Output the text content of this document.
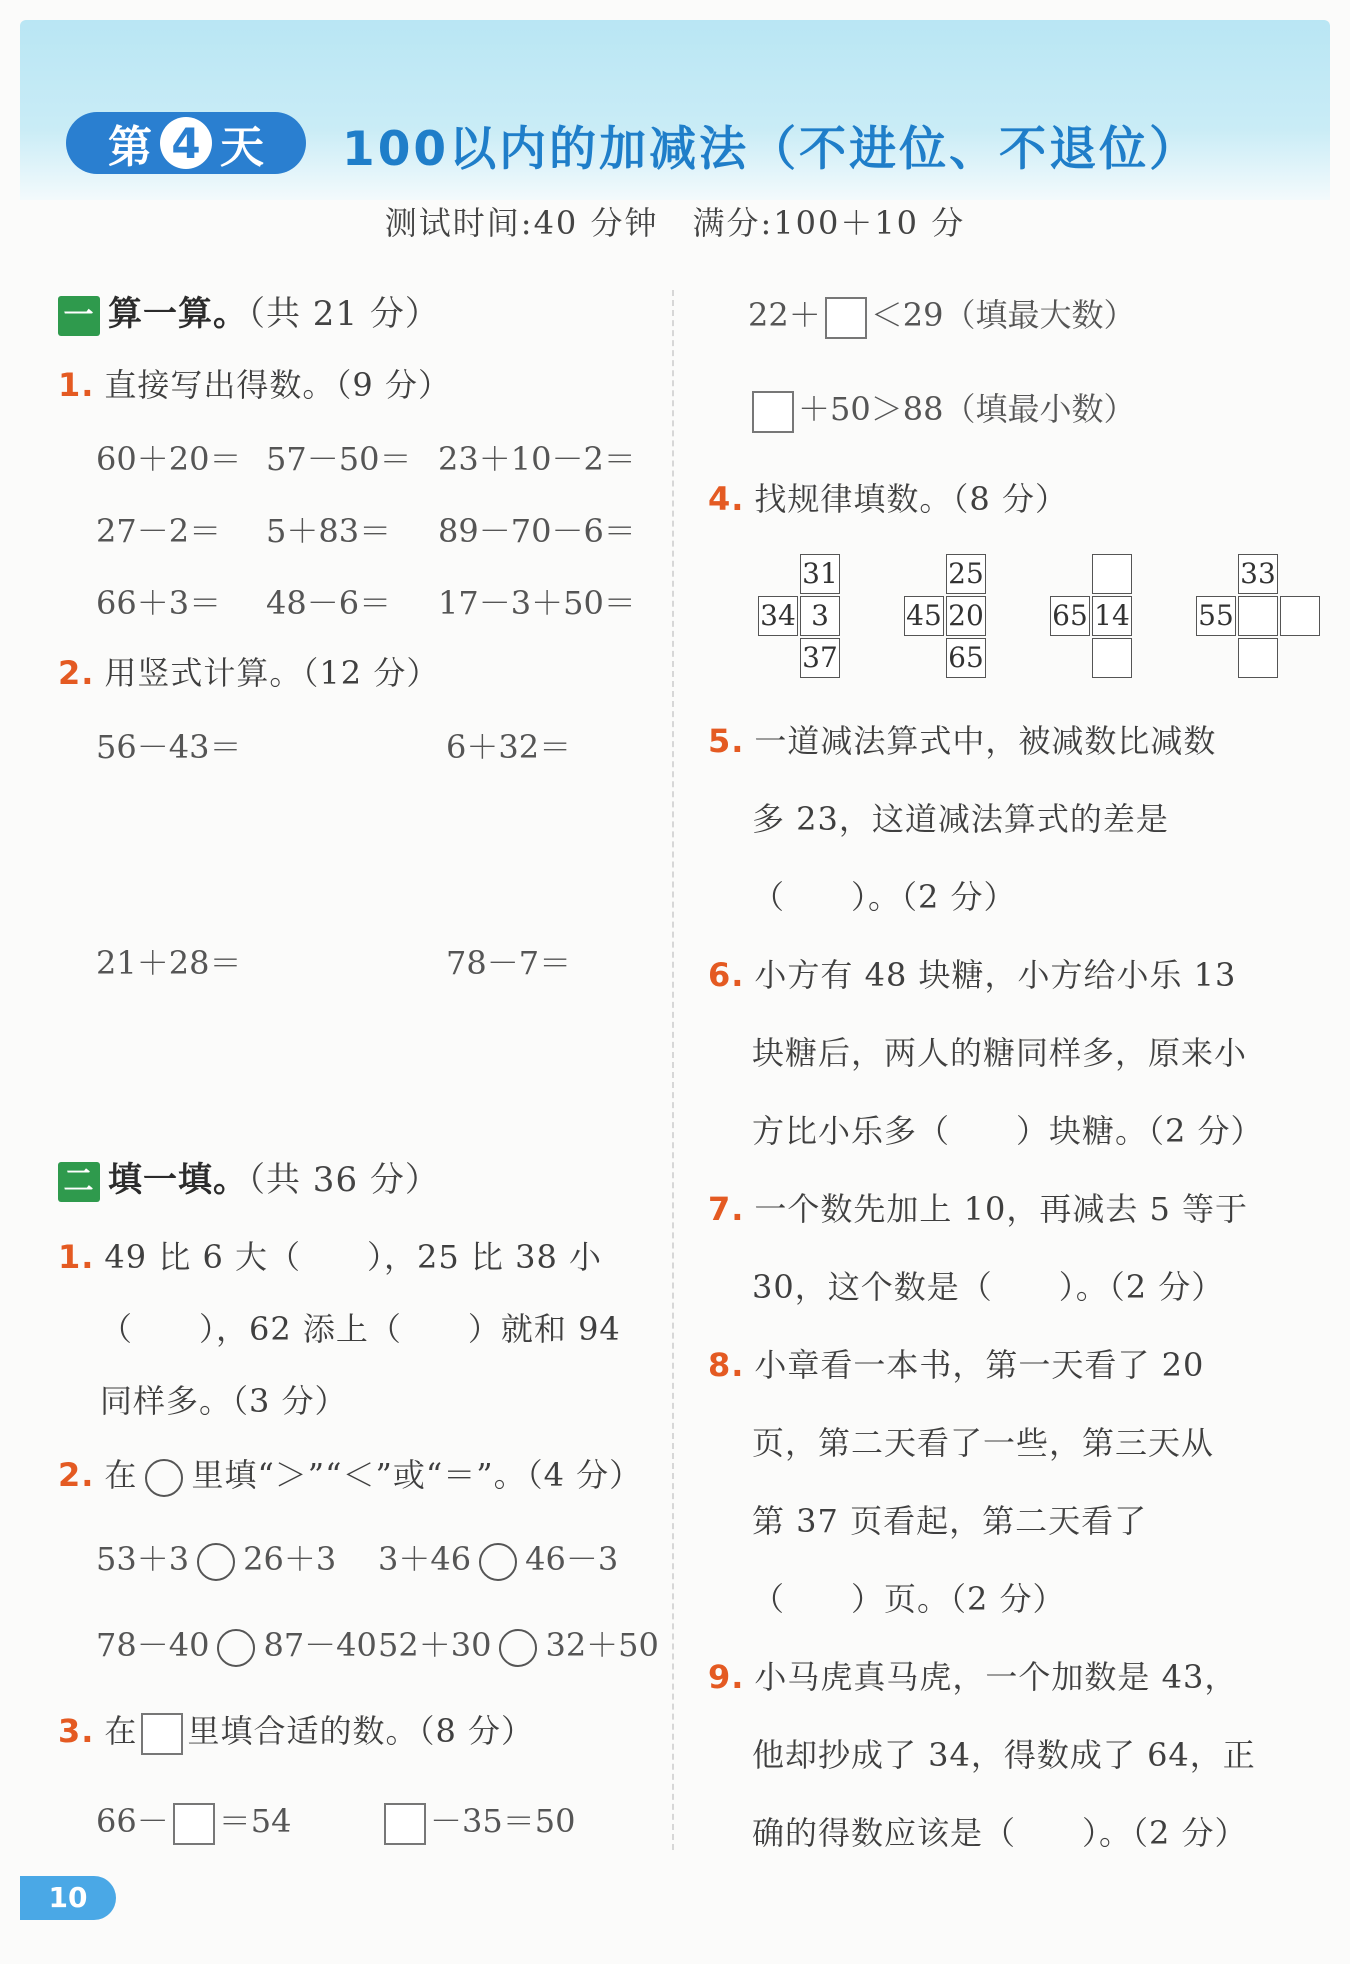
第 4 天 100以内的加减法（不进位、不退位）
测试时间:40 分钟　满分:100＋10 分
一 算一算。（共 21 分）
1. 直接写出得数。（9 分）
60＋20＝ 57－50＝ 23＋10－2＝
27－2＝ 5＋83＝ 89－70－6＝
66＋3＝ 48－6＝ 17－3＋50＝
2. 用竖式计算。（12 分）
56－43＝	6＋32＝
21＋28＝	78－7＝
二 填一填。（共 36 分）
1. 49 比 6 大（　　），25 比 38 小
（　　），62 添上（　　）就和 94
同样多。（3 分）
2. 在 里填“＞”“＜”或“＝”。（4 分）
53＋3 26＋3 3＋46 46－3
78－40 87－40 52＋30 32＋50
3. 在 里填合适的数。（8 分）
66－ ＝54	－35＝50
22＋ ＜29（填最大数）
＋50＞88（填最小数）
4. 找规律填数。（8 分）
31
34 3
37
25
45 20
65
65 14
33
55
5. 一道减法算式中，被减数比减数
多 23，这道减法算式的差是
（　　）。（2 分）
6. 小方有 48 块糖，小方给小乐 13
块糖后，两人的糖同样多，原来小
方比小乐多（　　）块糖。（2 分）
7. 一个数先加上 10，再减去 5 等于
30，这个数是（　　）。（2 分）
8. 小章看一本书，第一天看了 20
页，第二天看了一些，第三天从
第 37 页看起，第二天看了
（　　）页。（2 分）
9. 小马虎真马虎，一个加数是 43，
他却抄成了 34，得数成了 64，正
确的得数应该是（　　）。（2 分）
10
